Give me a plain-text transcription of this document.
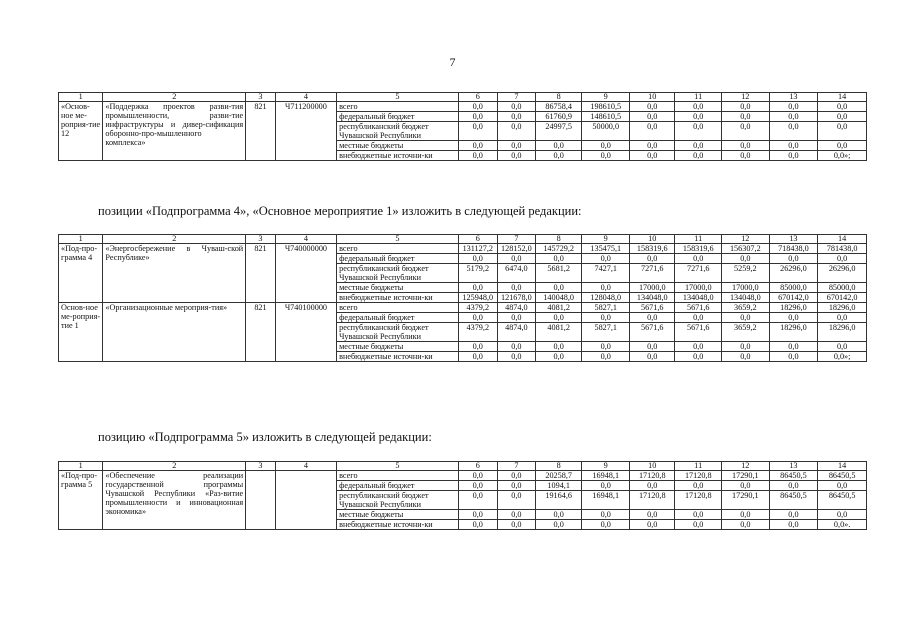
7
1	2	3	4	5	6	7	8	9	10	11	12	13	14
«Основ-ное ме-роприя-тие 12	«Поддержка проектов разви-тия промышленности, разви-тие инфраструктуры и дивер-сификация оборонно-про-мышленного комплекса»	821	Ч711200000	всего	0,0	0,0	86758,4	198610,5	0,0	0,0	0,0	0,0	0,0
				федеральный бюджет	0,0	0,0	61760,9	148610,5	0,0	0,0	0,0	0,0	0,0
				республиканский бюджет Чувашской Республики	0,0	0,0	24997,5	50000,0	0,0	0,0	0,0	0,0	0,0
				местные бюджеты	0,0	0,0	0,0	0,0	0,0	0,0	0,0	0,0	0,0
				внебюджетные источни-ки	0,0	0,0	0,0	0,0	0,0	0,0	0,0	0,0	0,0»;
позиции «Подпрограмма 4», «Основное мероприятие 1» изложить в следующей редакции:
1	2	3	4	5	6	7	8	9	10	11	12	13	14
«Под-про-грамма 4	«Энергосбережение в Чуваш-ской Республике»	821	Ч740000000	всего	131127,2	128152,0	145729,2	135475,1	158319,6	158319,6	156307,2	718438,0	781438,0
				федеральный бюджет	0,0	0,0	0,0	0,0	0,0	0,0	0,0	0,0	0,0
				республиканский бюджет Чувашской Республики	5179,2	6474,0	5681,2	7427,1	7271,6	7271,6	5259,2	26296,0	26296,0
				местные бюджеты	0,0	0,0	0,0	0,0	17000,0	17000,0	17000,0	85000,0	85000,0
				внебюджетные источни-ки	125948,0	121678,0	140048,0	128048,0	134048,0	134048,0	134048,0	670142,0	670142,0
Основ-ное ме-роприя-тие 1	«Организационные мероприя-тия»	821	Ч740100000	всего	4379,2	4874,0	4081,2	5827,1	5671,6	5671,6	3659,2	18296,0	18296,0
				федеральный бюджет	0,0	0,0	0,0	0,0	0,0	0,0	0,0	0,0	0,0
				республиканский бюджет Чувашской Республики	4379,2	4874,0	4081,2	5827,1	5671,6	5671,6	3659,2	18296,0	18296,0
				местные бюджеты	0,0	0,0	0,0	0,0	0,0	0,0	0,0	0,0	0,0
				внебюджетные источни-ки	0,0	0,0	0,0	0,0	0,0	0,0	0,0	0,0	0,0»;
позицию «Подпрограмма 5» изложить в следующей редакции:
1	2	3	4	5	6	7	8	9	10	11	12	13	14
«Под-про-грамма 5	«Обеспечение реализации государственной программы Чувашской Республики «Раз-витие промышленности и инновационная экономика»			всего	0,0	0,0	20258,7	16948,1	17120,8	17120,8	17290,1	86450,5	86450,5
				федеральный бюджет	0,0	0,0	1094,1	0,0	0,0	0,0	0,0	0,0	0,0
				республиканский бюджет Чувашской Республики	0,0	0,0	19164,6	16948,1	17120,8	17120,8	17290,1	86450,5	86450,5
				местные бюджеты	0,0	0,0	0,0	0,0	0,0	0,0	0,0	0,0	0,0
				внебюджетные источни-ки	0,0	0,0	0,0	0,0	0,0	0,0	0,0	0,0	0,0».
